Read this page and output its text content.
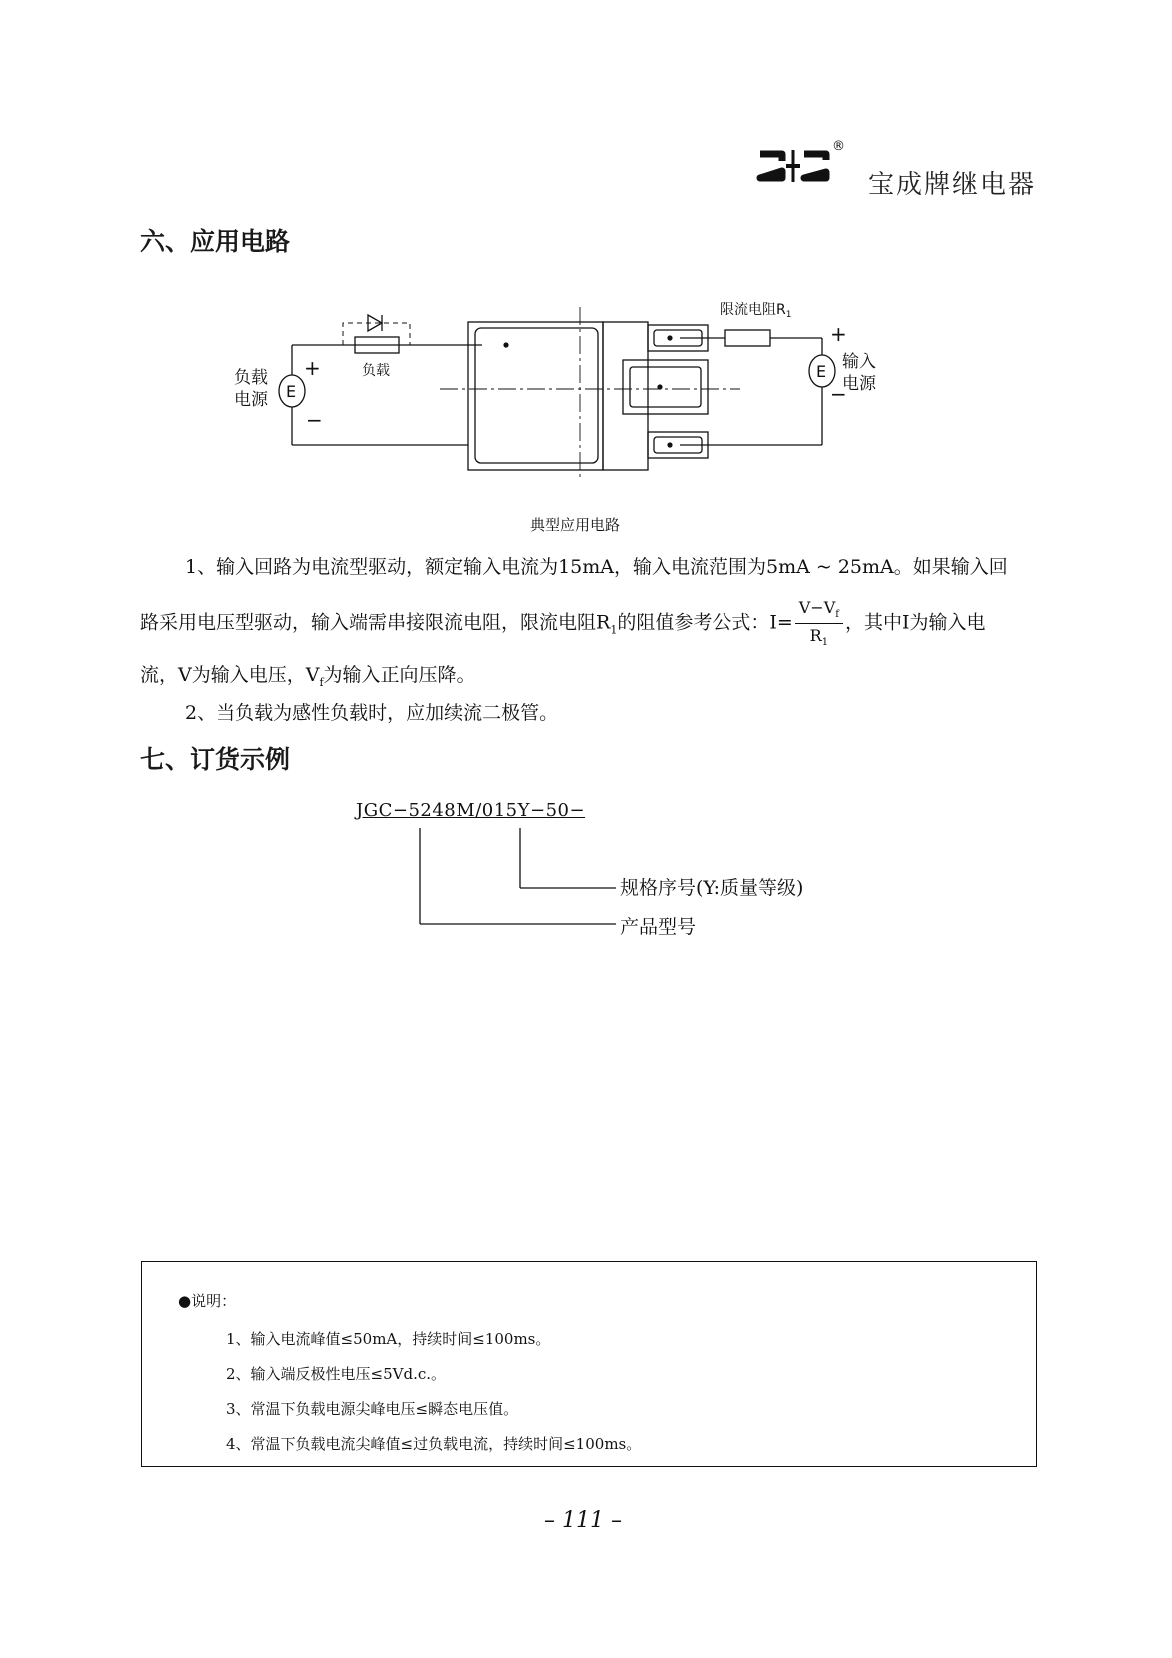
®
宝成牌继电器
六、应用电路
E
E
+
−
+
−
负载
电源
输入
电源
负载
限流电阻$R_1$
典型应用电路
1、输入回路为电流型驱动，额定输入电流为15mA，输入电流范围为5mA ~ 25mA。如果输入回
路采用电压型驱动，输入端需串接限流电阻，限流电阻$R_1$的阻值参考公式：$I= \frac{V-V_f}{R_1}$ ，其中I为输入电
流，V为输入电压，$V_f$为输入正向压降。
2、当负载为感性负载时，应加续流二极管。
七、订货示例
JGC−5248M/015Y−50−
规格序号(Y:质量等级)
产品型号
●说明：
1、输入电流峰值≤50mA，持续时间≤100ms。
2、输入端反极性电压≤5Vd.c.。
3、常温下负载电源尖峰电压≤瞬态电压值。
4、常温下负载电流尖峰值≤过负载电流，持续时间≤100ms。
– 111 –
